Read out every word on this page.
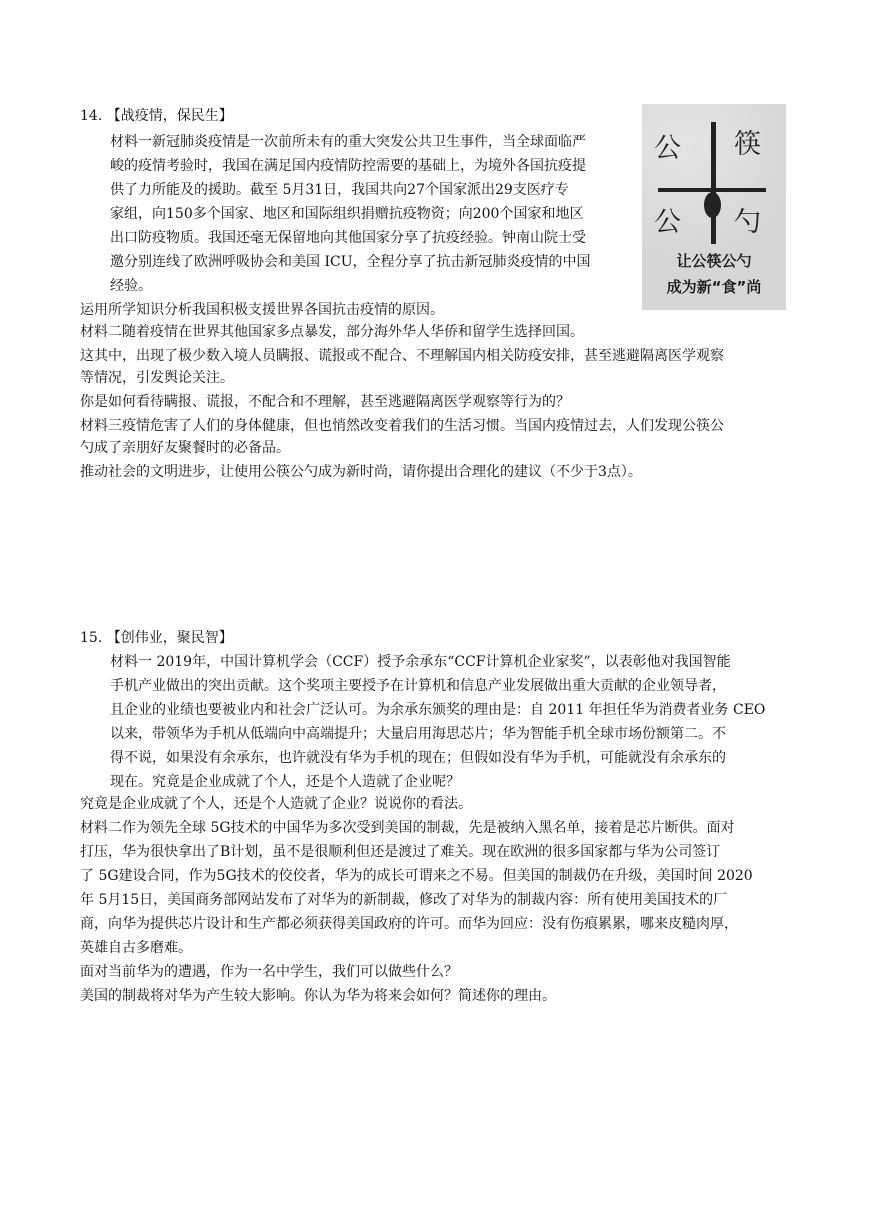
14. 【战疫情，保民生】
材料一新冠肺炎疫情是一次前所未有的重大突发公共卫生事件，当全球面临严
峻的疫情考验时，我国在满足国内疫情防控需要的基础上，为境外各国抗疫提
供了力所能及的援助。截至 5月31日，我国共向27个国家派出29支医疗专
家组，向150多个国家、地区和国际组织捐赠抗疫物资；向200个国家和地区
出口防疫物质。我国还毫无保留地向其他国家分享了抗疫经验。钟南山院士受
邀分别连线了欧洲呼吸协会和美国 ICU，全程分享了抗击新冠肺炎疫情的中国
经验。
运用所学知识分析我国积极支援世界各国抗击疫情的原因。
材料二随着疫情在世界其他国家多点暴发，部分海外华人华侨和留学生选择回国。
这其中，出现了极少数入境人员瞒报、谎报或不配合、不理解国内相关防疫安排，甚至逃避隔离医学观察
等情况，引发舆论关注。
你是如何看待瞒报、谎报，不配合和不理解，甚至逃避隔离医学观察等行为的？
材料三疫情危害了人们的身体健康，但也悄然改变着我们的生活习惯。当国内疫情过去，人们发现公筷公
勺成了亲朋好友聚餐时的必备品。
推动社会的文明进步，让使用公筷公勺成为新时尚，请你提出合理化的建议（不少于3点）。
公 筷
公 勺
让公筷公勺
成为新“食”尚
15. 【创伟业，聚民智】
材料一 2019年，中国计算机学会（CCF）授予余承东“CCF计算机企业家奖”，以表彰他对我国智能
手机产业做出的突出贡献。这个奖项主要授予在计算机和信息产业发展做出重大贡献的企业领导者，
且企业的业绩也要被业内和社会广泛认可。为余承东颁奖的理由是：自 2011 年担任华为消费者业务 CEO
以来，带领华为手机从低端向中高端提升；大量启用海思芯片；华为智能手机全球市场份额第二。不
得不说，如果没有余承东，也许就没有华为手机的现在；但假如没有华为手机，可能就没有余承东的
现在。究竟是企业成就了个人，还是个人造就了企业呢？
究竟是企业成就了个人，还是个人造就了企业？说说你的看法。
材料二作为领先全球 5G技术的中国华为多次受到美国的制裁，先是被纳入黑名单，接着是芯片断供。面对
打压，华为很快拿出了B计划，虽不是很顺利但还是渡过了难关。现在欧洲的很多国家都与华为公司签订
了 5G建设合同，作为5G技术的佼佼者，华为的成长可谓来之不易。但美国的制裁仍在升级，美国时间 2020
年 5月15日，美国商务部网站发布了对华为的新制裁，修改了对华为的制裁内容：所有使用美国技术的厂
商，向华为提供芯片设计和生产都必须获得美国政府的许可。而华为回应：没有伤痕累累，哪来皮糙肉厚，
英雄自古多磨难。
面对当前华为的遭遇，作为一名中学生，我们可以做些什么？
美国的制裁将对华为产生较大影响。你认为华为将来会如何？简述你的理由。
